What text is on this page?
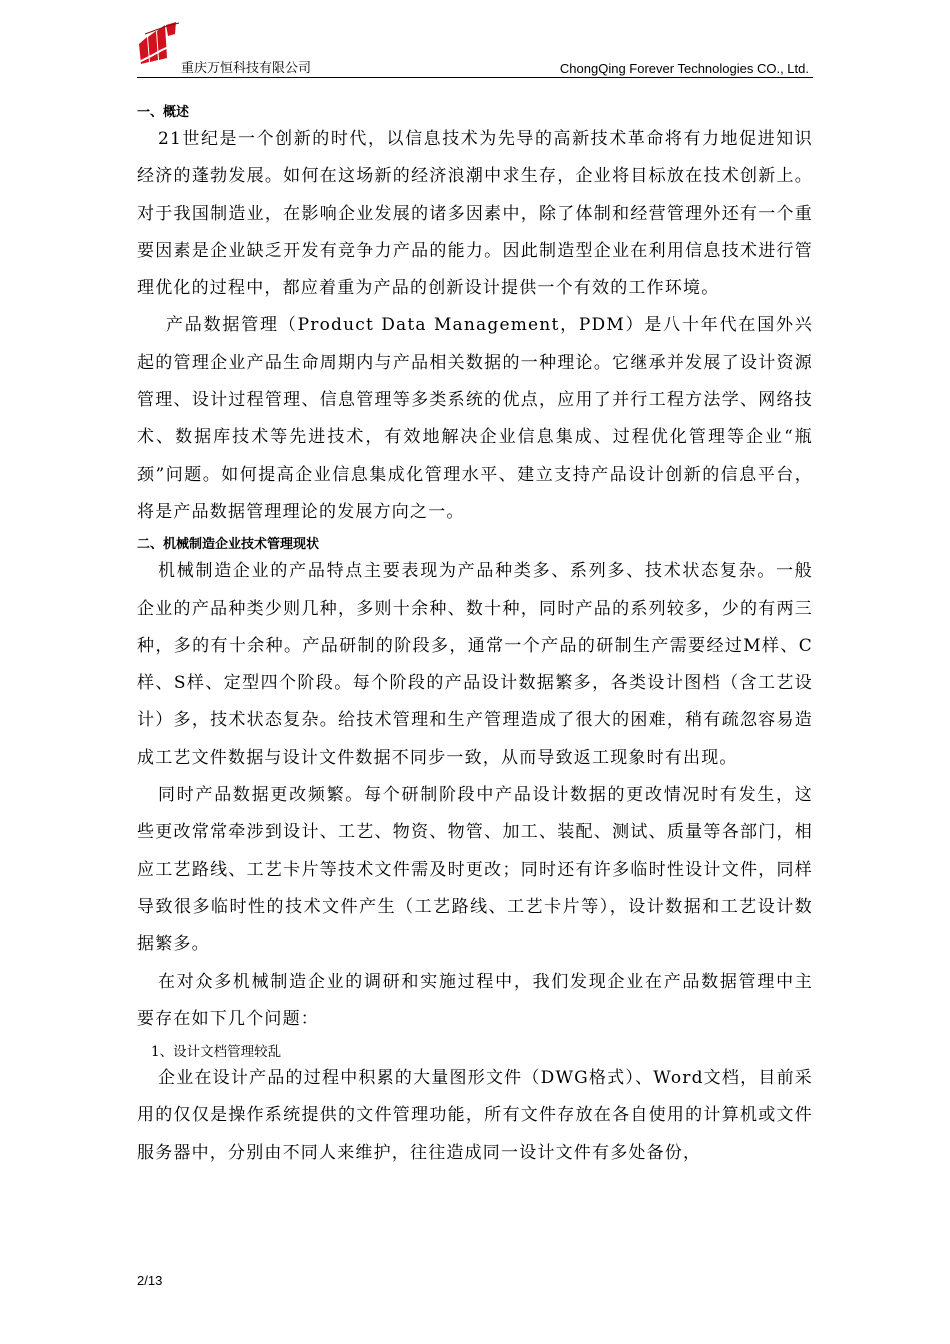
重庆万恒科技有限公司	ChongQing Forever Technologies CO., Ltd.
一、概述

21世纪是一个创新的时代，以信息技术为先导的高新技术革命将有力地促进知识经济的蓬勃发展。如何在这场新的经济浪潮中求生存，企业将目标放在技术创新上。对于我国制造业，在影响企业发展的诸多因素中，除了体制和经营管理外还有一个重要因素是企业缺乏开发有竞争力产品的能力。因此制造型企业在利用信息技术进行管理优化的过程中，都应着重为产品的创新设计提供一个有效的工作环境。

产品数据管理（Product Data Management，PDM）是八十年代在国外兴起的管理企业产品生命周期内与产品相关数据的一种理论。它继承并发展了设计资源管理、设计过程管理、信息管理等多类系统的优点，应用了并行工程方法学、网络技术、数据库技术等先进技术，有效地解决企业信息集成、过程优化管理等企业“瓶颈”问题。如何提高企业信息集成化管理水平、建立支持产品设计创新的信息平台，将是产品数据管理理论的发展方向之一。

二、机械制造企业技术管理现状

机械制造企业的产品特点主要表现为产品种类多、系列多、技术状态复杂。一般企业的产品种类少则几种，多则十余种、数十种，同时产品的系列较多，少的有两三种，多的有十余种。产品研制的阶段多，通常一个产品的研制生产需要经过M样、C样、S样、定型四个阶段。每个阶段的产品设计数据繁多，各类设计图档（含工艺设计）多，技术状态复杂。给技术管理和生产管理造成了很大的困难，稍有疏忽容易造成工艺文件数据与设计文件数据不同步一致，从而导致返工现象时有出现。

同时产品数据更改频繁。每个研制阶段中产品设计数据的更改情况时有发生，这些更改常常牵涉到设计、工艺、物资、物管、加工、装配、测试、质量等各部门，相应工艺路线、工艺卡片等技术文件需及时更改；同时还有许多临时性设计文件，同样导致很多临时性的技术文件产生（工艺路线、工艺卡片等），设计数据和工艺设计数据繁多。

在对众多机械制造企业的调研和实施过程中，我们发现企业在产品数据管理中主要存在如下几个问题：

1、设计文档管理较乱

企业在设计产品的过程中积累的大量图形文件（DWG格式）、Word文档，目前采用的仅仅是操作系统提供的文件管理功能，所有文件存放在各自使用的计算机或文件服务器中，分别由不同人来维护，往往造成同一设计文件有多处备份，

2/13
